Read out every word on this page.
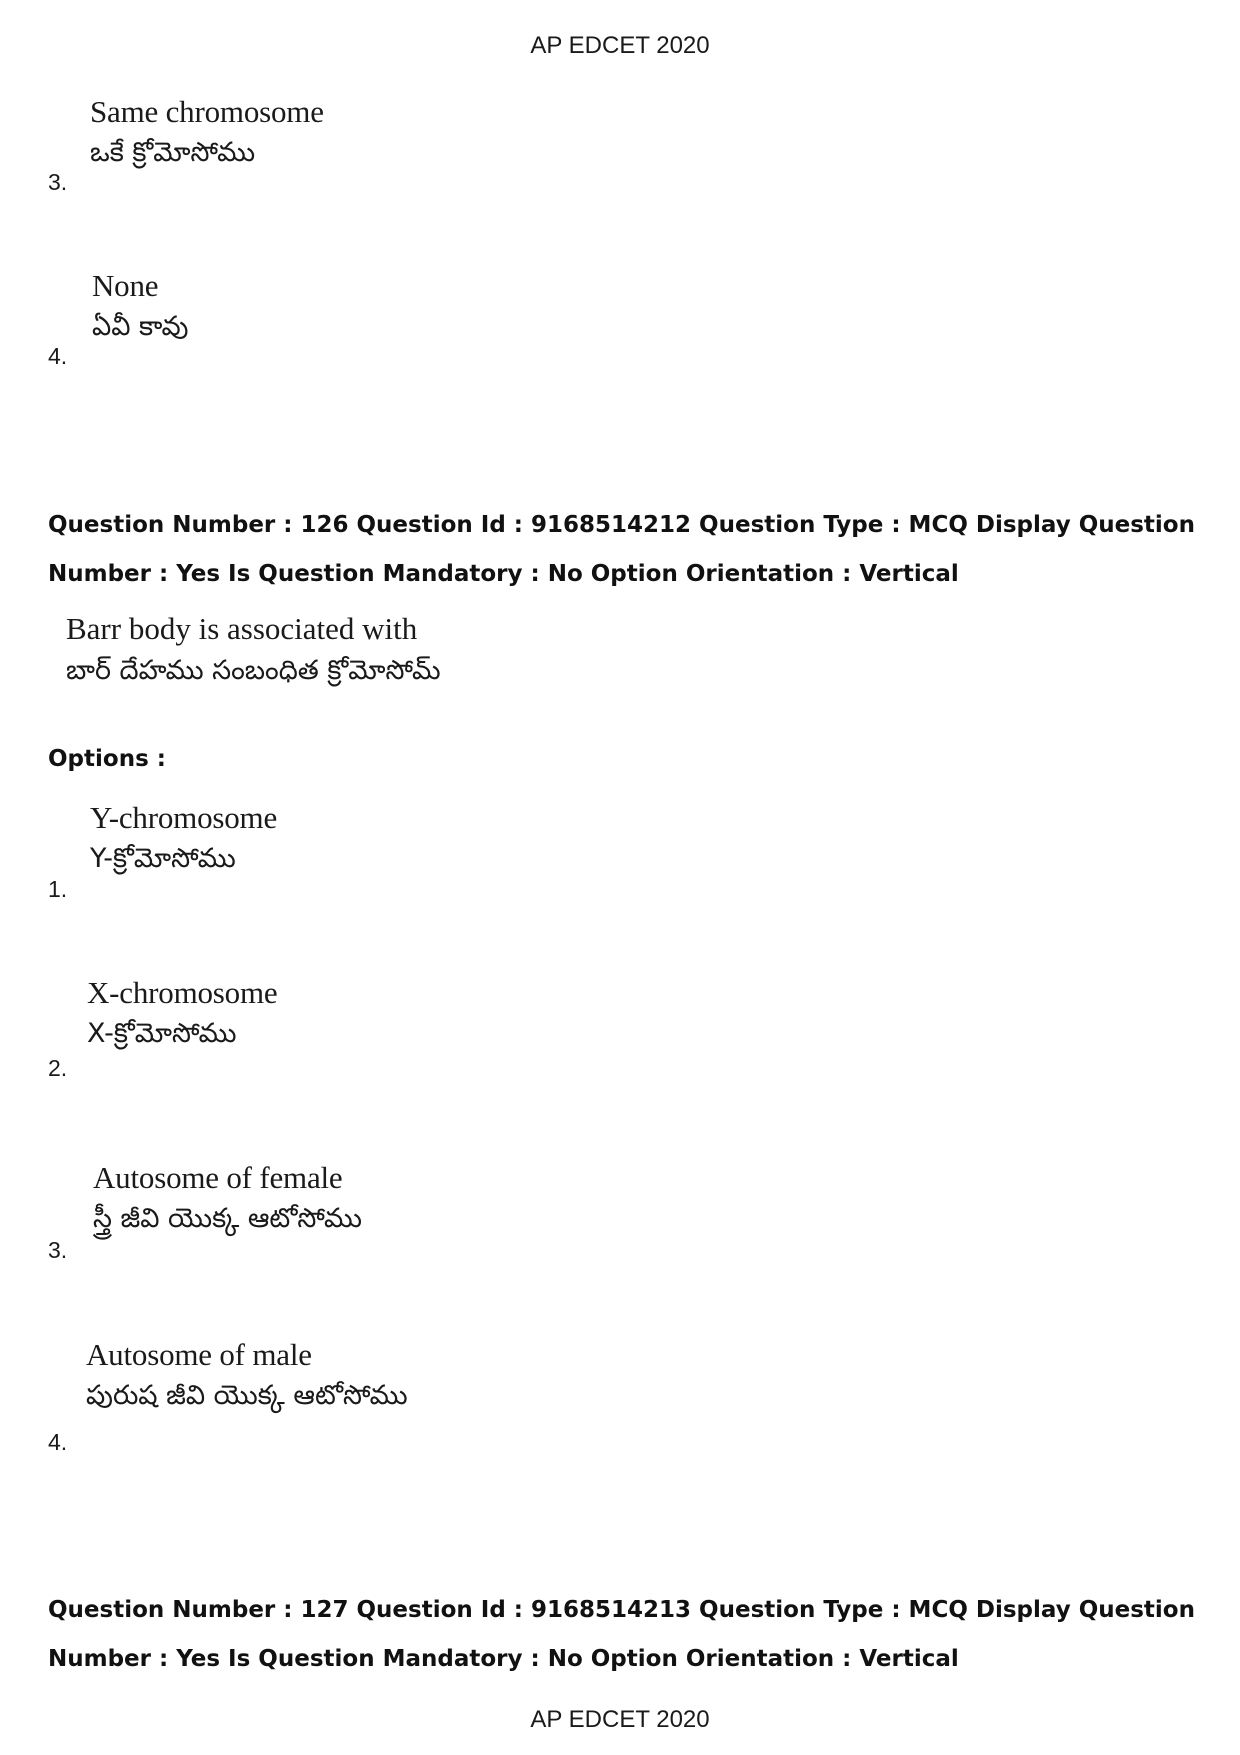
AP EDCET 2020
Same chromosome
ఒకే క్రోమోసోము
3.
None
ఏవీ కావు
4.
Question Number : 126 Question Id : 9168514212 Question Type : MCQ Display Question
Number : Yes Is Question Mandatory : No Option Orientation : Vertical
Barr body is associated with
బార్ దేహము సంబంధిత క్రోమోసోమ్
Options :
Y-chromosome
Y-క్రోమోసోము
1.
X-chromosome
X-క్రోమోసోము
2.
Autosome of female
స్త్రీ జీవి యొక్క ఆటోసోము
3.
Autosome of male
పురుష జీవి యొక్క ఆటోసోము
4.
Question Number : 127 Question Id : 9168514213 Question Type : MCQ Display Question
Number : Yes Is Question Mandatory : No Option Orientation : Vertical
AP EDCET 2020
